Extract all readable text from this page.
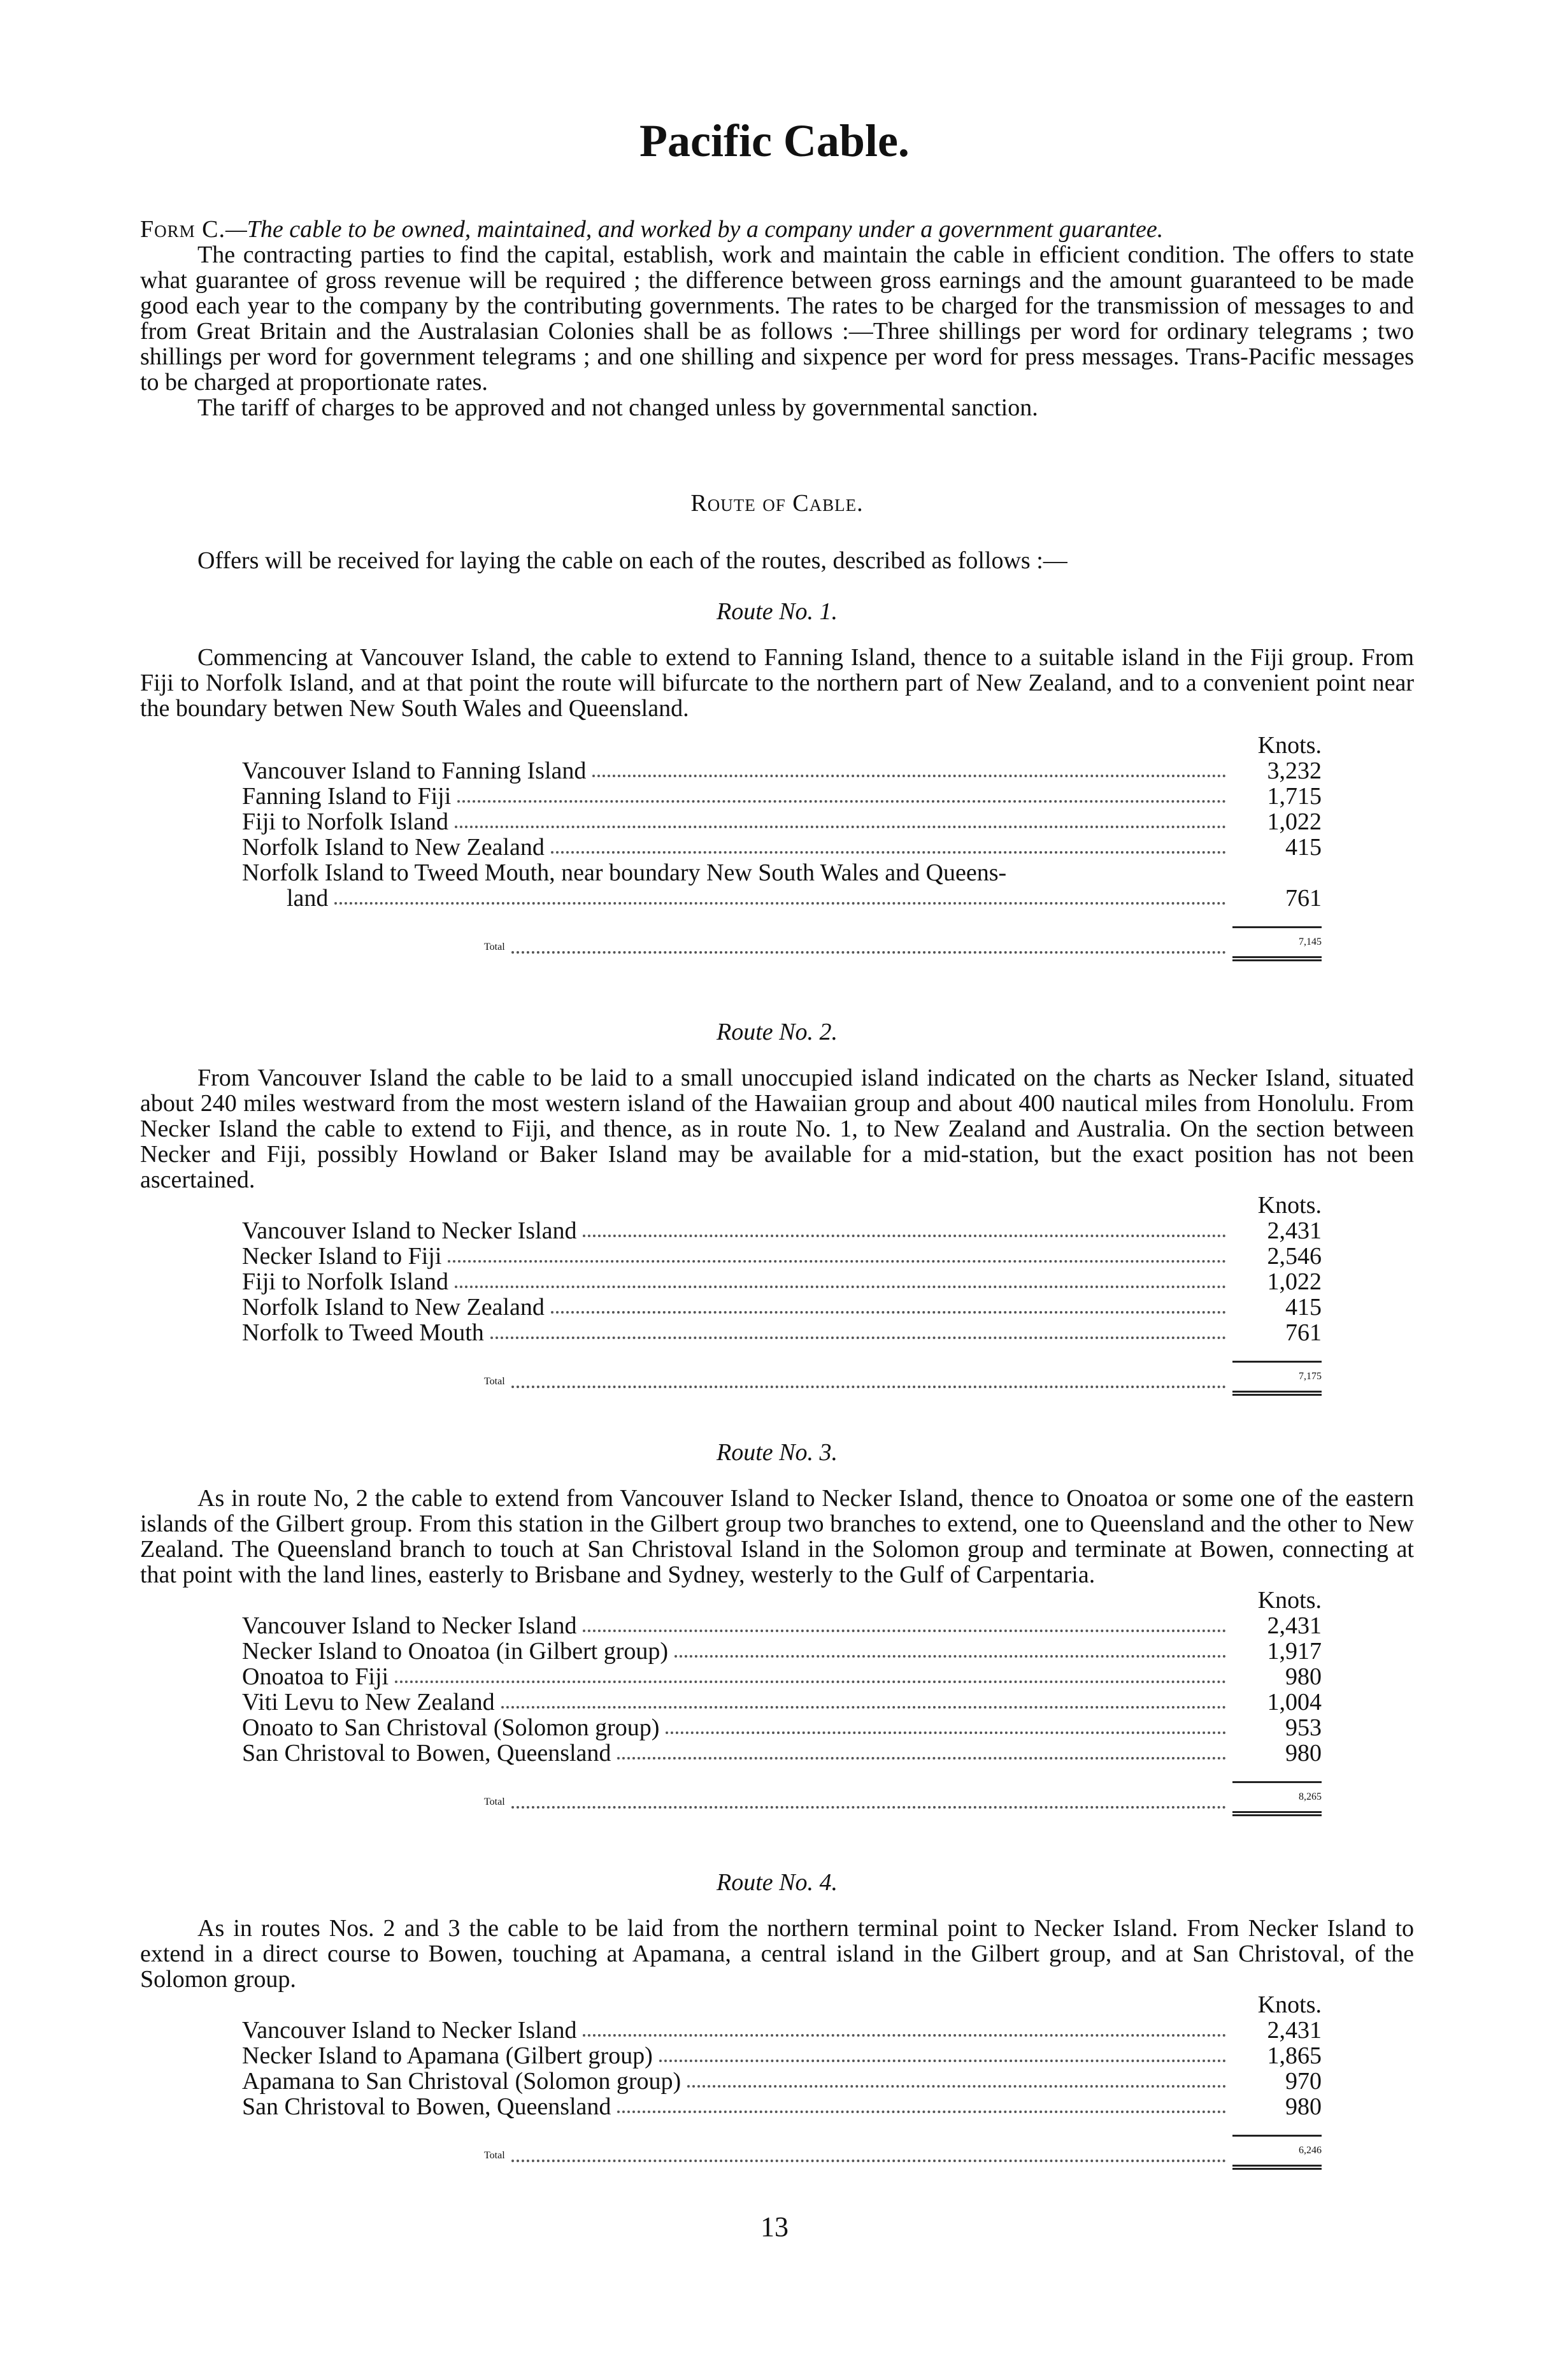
Pacific Cable.

Form C.—The cable to be owned, maintained, and worked by a company under a government guarantee.

The contracting parties to find the capital, establish, work and maintain the cable in efficient condition. The offers to state what guarantee of gross revenue will be required ; the difference between gross earnings and the amount guaranteed to be made good each year to the company by the contributing governments. The rates to be charged for the transmission of messages to and from Great Britain and the Australasian Colonies shall be as follows :—Three shillings per word for ordinary telegrams ; two shillings per word for government telegrams ; and one shilling and sixpence per word for press messages. Trans-Pacific messages to be charged at proportionate rates.

The tariff of charges to be approved and not changed unless by governmental sanction.

Route of Cable.

Offers will be received for laying the cable on each of the routes, described as follows :—

Route No. 1.

Commencing at Vancouver Island, the cable to extend to Fanning Island, thence to a suitable island in the Fiji group. From Fiji to Norfolk Island, and at that point the route will bifurcate to the northern part of New Zealand, and to a convenient point near the boundary betwen New South Wales and Queensland.

Knots.
Vancouver Island to Fanning Island	3,232
Fanning Island to Fiji	1,715
Fiji to Norfolk Island	1,022
Norfolk Island to New Zealand	415
Norfolk Island to Tweed Mouth, near boundary New South Wales and Queens-
land	761
Total	7,145

Route No. 2.

From Vancouver Island the cable to be laid to a small unoccupied island indicated on the charts as Necker Island, situated about 240 miles westward from the most western island of the Hawaiian group and about 400 nautical miles from Honolulu. From Necker Island the cable to extend to Fiji, and thence, as in route No. 1, to New Zealand and Australia. On the section between Necker and Fiji, possibly Howland or Baker Island may be available for a mid-station, but the exact position has not been ascertained.

Knots.
Vancouver Island to Necker Island	2,431
Necker Island to Fiji	2,546
Fiji to Norfolk Island	1,022
Norfolk Island to New Zealand	415
Norfolk to Tweed Mouth	761
Total	7,175

Route No. 3.

As in route No, 2 the cable to extend from Vancouver Island to Necker Island, thence to Onoatoa or some one of the eastern islands of the Gilbert group. From this station in the Gilbert group two branches to extend, one to Queensland and the other to New Zealand. The Queensland branch to touch at San Christoval Island in the Solomon group and terminate at Bowen, connecting at that point with the land lines, easterly to Brisbane and Sydney, westerly to the Gulf of Carpentaria.

Knots.
Vancouver Island to Necker Island	2,431
Necker Island to Onoatoa (in Gilbert group)	1,917
Onoatoa to Fiji	980
Viti Levu to New Zealand	1,004
Onoato to San Christoval (Solomon group)	953
San Christoval to Bowen, Queensland	980
Total	8,265

Route No. 4.

As in routes Nos. 2 and 3 the cable to be laid from the northern terminal point to Necker Island. From Necker Island to extend in a direct course to Bowen, touching at Apamana, a central island in the Gilbert group, and at San Christoval, of the Solomon group.

Knots.
Vancouver Island to Necker Island	2,431
Necker Island to Apamana (Gilbert group)	1,865
Apamana to San Christoval (Solomon group)	970
San Christoval to Bowen, Queensland	980
Total	6,246
13
